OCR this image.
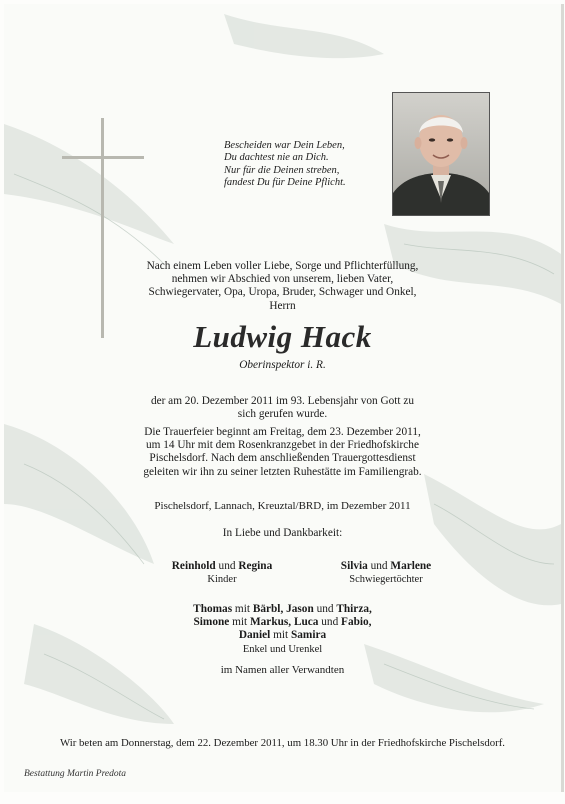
Bescheiden war Dein Leben,
Du dachtest nie an Dich.
Nur für die Deinen streben,
fandest Du für Deine Pflicht.
Nach einem Leben voller Liebe, Sorge und Pflichterfüllung,
nehmen wir Abschied von unserem, lieben Vater,
Schwiegervater, Opa, Uropa, Bruder, Schwager und Onkel,
Herrn
Ludwig Hack
Oberinspektor i. R.
der am 20. Dezember 2011 im 93. Lebensjahr von Gott zu
sich gerufen wurde.
Die Trauerfeier beginnt am Freitag, dem 23. Dezember 2011,
um 14 Uhr mit dem Rosenkranzgebet in der Friedhofskirche
Pischelsdorf. Nach dem anschließenden Trauergottesdienst
geleiten wir ihn zu seiner letzten Ruhestätte im Familiengrab.
Pischelsdorf, Lannach, Kreuztal/BRD, im Dezember 2011
In Liebe und Dankbarkeit:
Reinhold und Regina
Kinder
Silvia und Marlene
Schwiegertöchter
Thomas mit Bärbl, Jason und Thirza,
Simone mit Markus, Luca und Fabio,
Daniel mit Samira
Enkel und Urenkel
im Namen aller Verwandten
Wir beten am Donnerstag, dem 22. Dezember 2011, um 18.30 Uhr in der Friedhofskirche Pischelsdorf.
Bestattung Martin Predota
